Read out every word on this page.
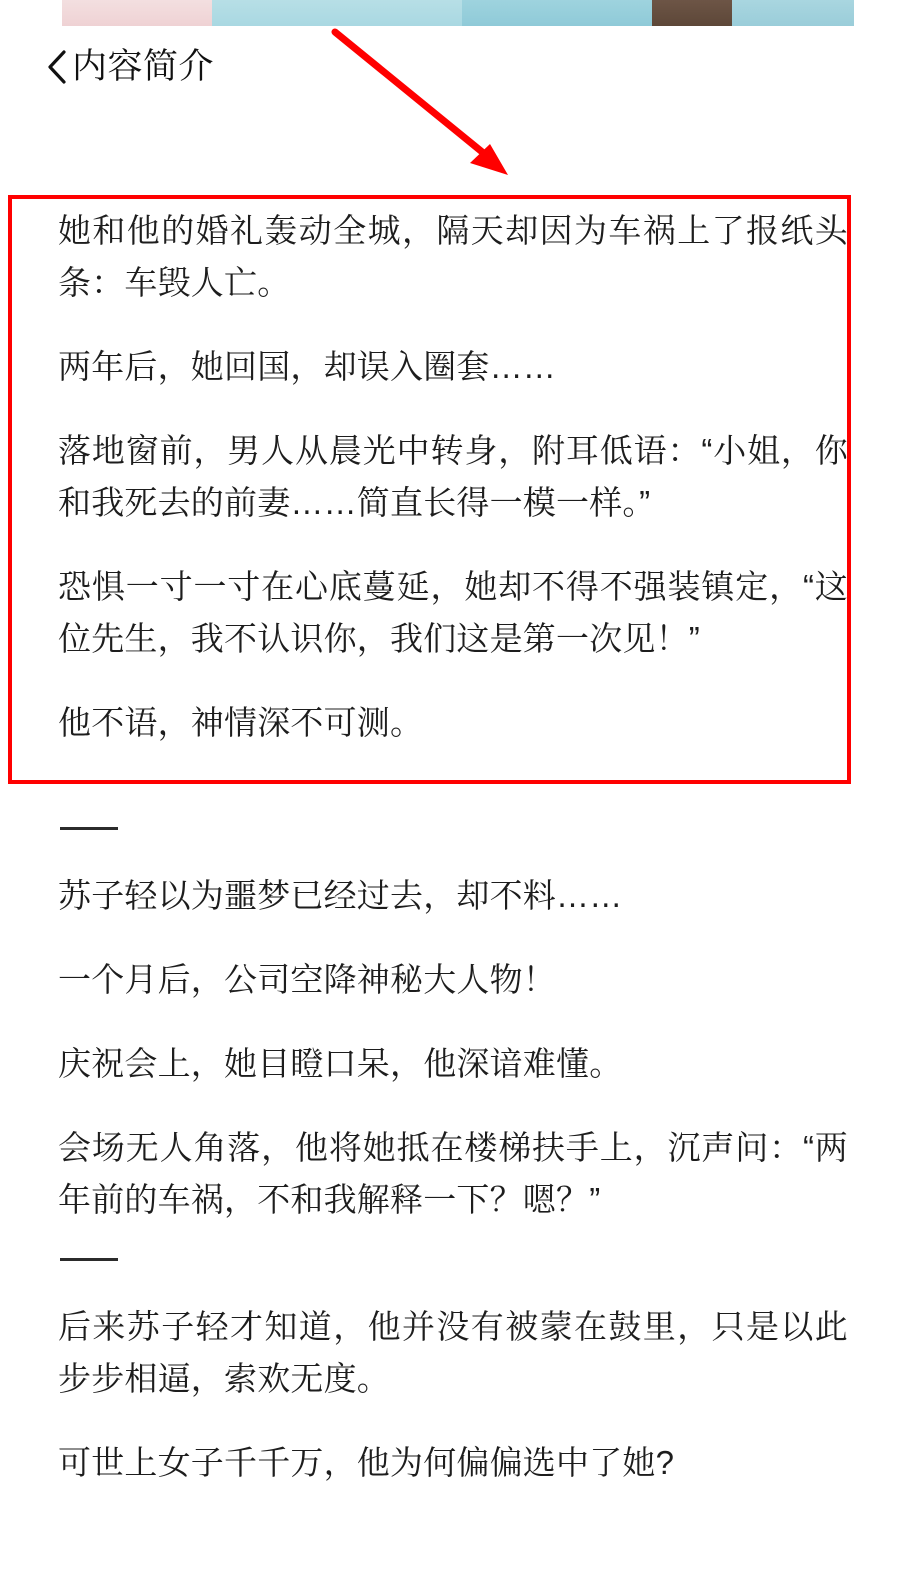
内容简介

她和他的婚礼轰动全城，隔天却因为车祸上了报纸头条：车毁人亡。

两年后，她回国，却误入圈套……

落地窗前，男人从晨光中转身，附耳低语：“小姐，你和我死去的前妻……简直长得一模一样。”

恐惧一寸一寸在心底蔓延，她却不得不强装镇定，“这位先生，我不认识你，我们这是第一次见！”

他不语，神情深不可测。

苏子轻以为噩梦已经过去，却不料……

一个月后，公司空降神秘大人物！

庆祝会上，她目瞪口呆，他深谙难懂。

会场无人角落，他将她抵在楼梯扶手上，沉声问：“两年前的车祸，不和我解释一下？嗯？”

后来苏子轻才知道，他并没有被蒙在鼓里，只是以此步步相逼，索欢无度。

可世上女子千千万，他为何偏偏选中了她?
